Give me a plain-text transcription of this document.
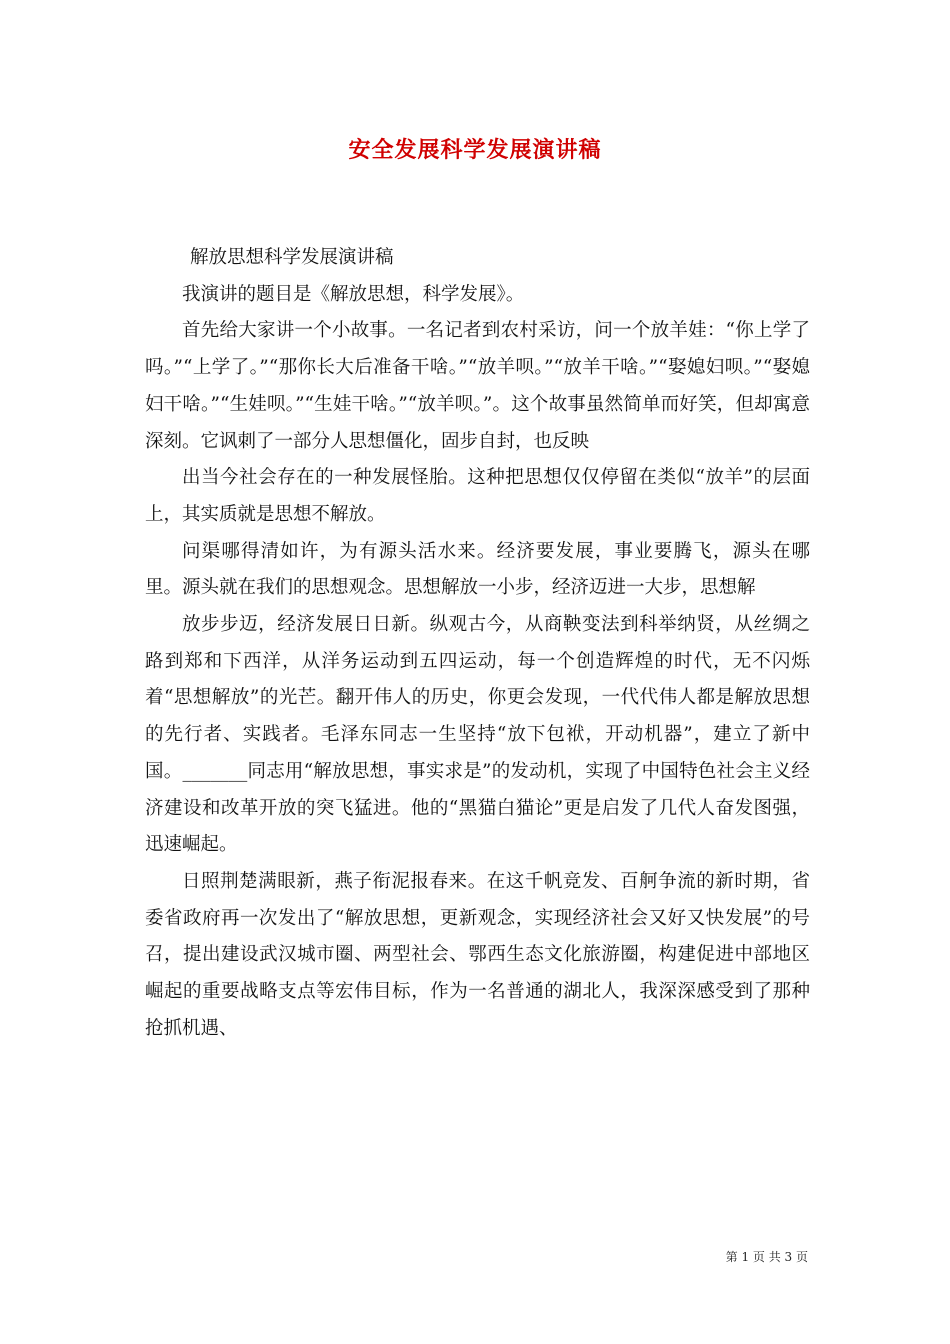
安全发展科学发展演讲稿

解放思想科学发展演讲稿

我演讲的题目是《解放思想，科学发展》。

首先给大家讲一个小故事。一名记者到农村采访，问一个放羊娃：“你上学了吗。”“上学了。”“那你长大后准备干啥。”“放羊呗。”“放羊干啥。”“娶媳妇呗。”“娶媳妇干啥。”“生娃呗。”“生娃干啥。”“放羊呗。”。这个故事虽然简单而好笑，但却寓意深刻。它讽刺了一部分人思想僵化，固步自封，也反映

出当今社会存在的一种发展怪胎。这种把思想仅仅停留在类似“放羊”的层面上，其实质就是思想不解放。

问渠哪得清如许，为有源头活水来。经济要发展，事业要腾飞，源头在哪里。源头就在我们的思想观念。思想解放一小步，经济迈进一大步，思想解

放步步迈，经济发展日日新。纵观古今，从商鞅变法到科举纳贤，从丝绸之路到郑和下西洋，从洋务运动到五四运动，每一个创造辉煌的时代，无不闪烁着“思想解放”的光芒。翻开伟人的历史，你更会发现，一代代伟人都是解放思想的先行者、实践者。毛泽东同志一生坚持“放下包袱，开动机器”，建立了新中国。_______同志用“解放思想，事实求是”的发动机，实现了中国特色社会主义经济建设和改革开放的突飞猛进。他的“黑猫白猫论”更是启发了几代人奋发图强，迅速崛起。

日照荆楚满眼新，燕子衔泥报春来。在这千帆竞发、百舸争流的新时期，省委省政府再一次发出了“解放思想，更新观念，实现经济社会又好又快发展”的号召，提出建设武汉城市圈、两型社会、鄂西生态文化旅游圈，构建促进中部地区崛起的重要战略支点等宏伟目标，作为一名普通的湖北人，我深深感受到了那种抢抓机遇、

第 1 页 共 3 页
